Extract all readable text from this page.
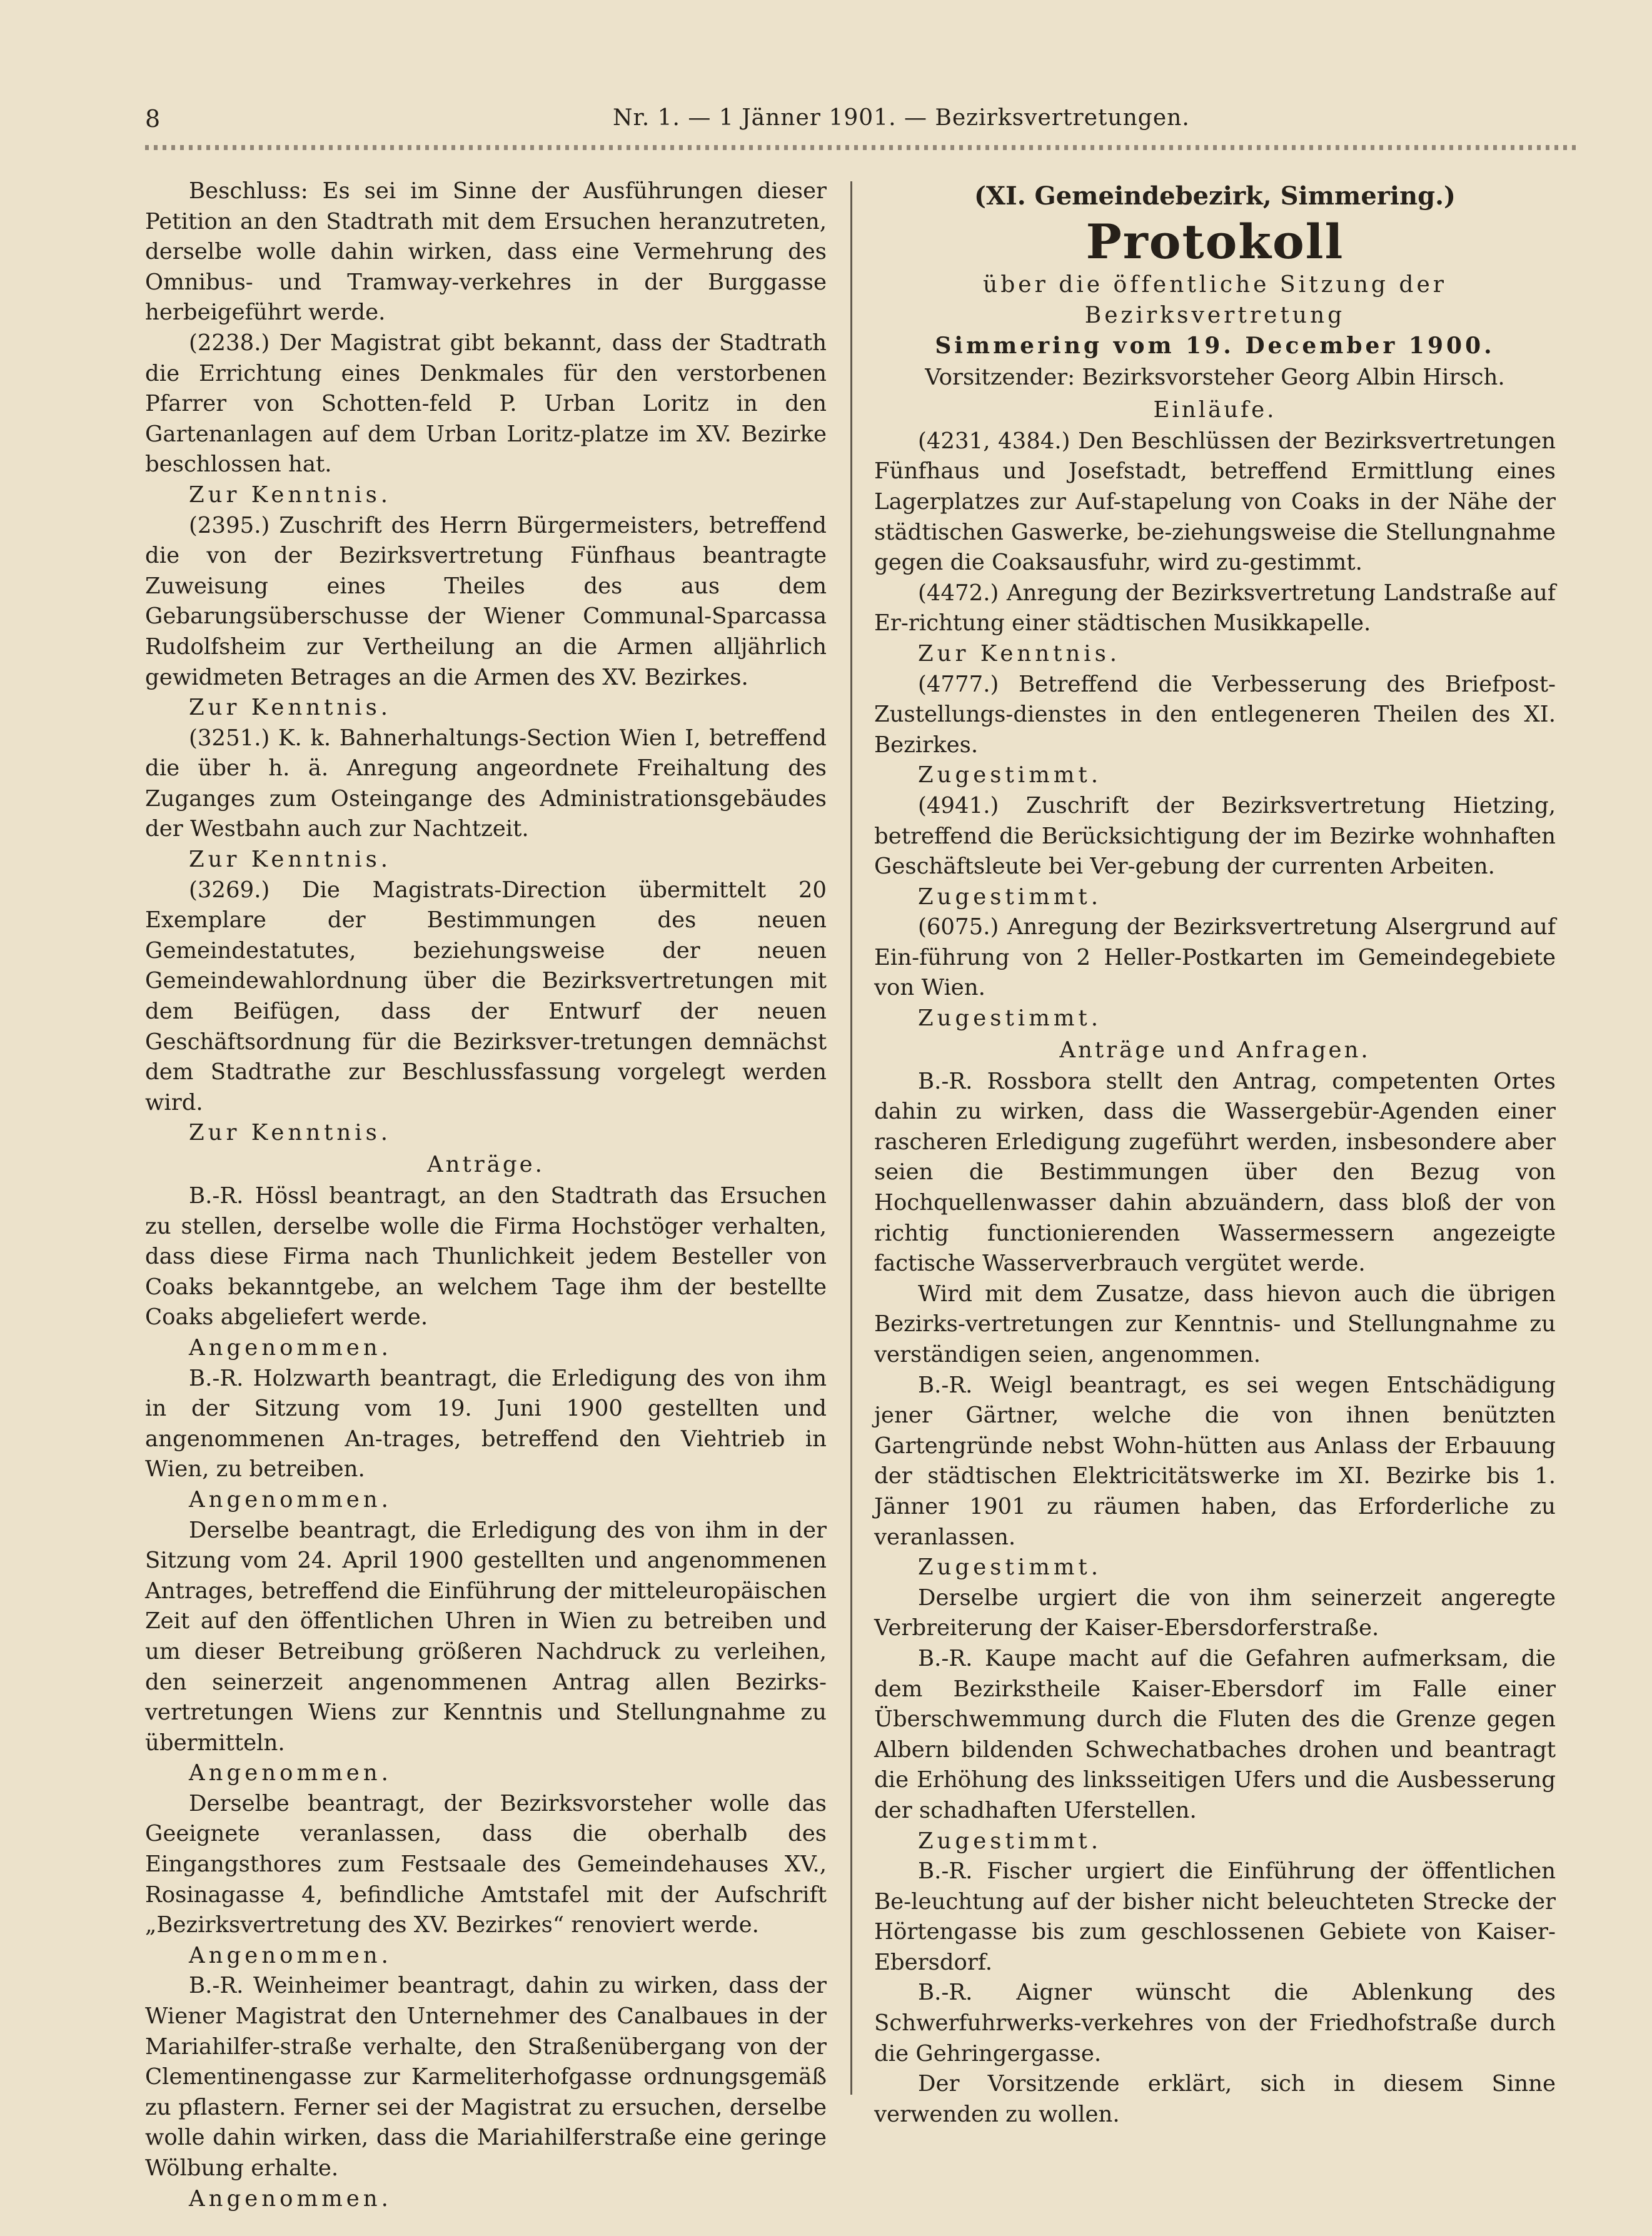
8	Nr. 1. — 1 Jänner 1901. — Bezirksvertretungen.

Beschluss: Es sei im Sinne der Ausführungen dieser Petition an den Stadtrath mit dem Ersuchen heranzutreten, derselbe wolle dahin wirken, dass eine Vermehrung des Omnibus- und Tramway-verkehres in der Burggasse herbeigeführt werde.

(2238.) Der Magistrat gibt bekannt, dass der Stadtrath die Errichtung eines Denkmales für den verstorbenen Pfarrer von Schotten-feld P. Urban Loritz in den Gartenanlagen auf dem Urban Loritz-platze im XV. Bezirke beschlossen hat.

Zur Kenntnis.

(2395.) Zuschrift des Herrn Bürgermeisters, betreffend die von der Bezirksvertretung Fünfhaus beantragte Zuweisung eines Theiles des aus dem Gebarungsüberschusse der Wiener Communal-Sparcassa Rudolfsheim zur Vertheilung an die Armen alljährlich gewidmeten Betrages an die Armen des XV. Bezirkes.

Zur Kenntnis.

(3251.) K. k. Bahnerhaltungs-Section Wien I, betreffend die über h. ä. Anregung angeordnete Freihaltung des Zuganges zum Osteingange des Administrationsgebäudes der Westbahn auch zur Nachtzeit.

Zur Kenntnis.

(3269.) Die Magistrats-Direction übermittelt 20 Exemplare der Bestimmungen des neuen Gemeindestatutes, beziehungsweise der neuen Gemeindewahlordnung über die Bezirksvertretungen mit dem Beifügen, dass der Entwurf der neuen Geschäftsordnung für die Bezirksver-tretungen demnächst dem Stadtrathe zur Beschlussfassung vorgelegt werden wird.

Zur Kenntnis.

Anträge.

B.-R. Hössl beantragt, an den Stadtrath das Ersuchen zu stellen, derselbe wolle die Firma Hochstöger verhalten, dass diese Firma nach Thunlichkeit jedem Besteller von Coaks bekanntgebe, an welchem Tage ihm der bestellte Coaks abgeliefert werde.

Angenommen.

B.-R. Holzwarth beantragt, die Erledigung des von ihm in der Sitzung vom 19. Juni 1900 gestellten und angenommenen An-trages, betreffend den Viehtrieb in Wien, zu betreiben.

Angenommen.

Derselbe beantragt, die Erledigung des von ihm in der Sitzung vom 24. April 1900 gestellten und angenommenen Antrages, betreffend die Einführung der mitteleuropäischen Zeit auf den öffentlichen Uhren in Wien zu betreiben und um dieser Betreibung größeren Nachdruck zu verleihen, den seinerzeit angenommenen Antrag allen Bezirks-vertretungen Wiens zur Kenntnis und Stellungnahme zu übermitteln.

Angenommen.

Derselbe beantragt, der Bezirksvorsteher wolle das Geeignete veranlassen, dass die oberhalb des Eingangsthores zum Festsaale des Gemeindehauses XV., Rosinagasse 4, befindliche Amtstafel mit der Aufschrift „Bezirksvertretung des XV. Bezirkes“ renoviert werde.

Angenommen.

B.-R. Weinheimer beantragt, dahin zu wirken, dass der Wiener Magistrat den Unternehmer des Canalbaues in der Mariahilfer-straße verhalte, den Straßenübergang von der Clementinengasse zur Karmeliterhofgasse ordnungsgemäß zu pflastern. Ferner sei der Magistrat zu ersuchen, derselbe wolle dahin wirken, dass die Mariahilferstraße eine geringe Wölbung erhalte.

Angenommen.

(XI. Gemeindebezirk, Simmering.)

Protokoll

über die öffentliche Sitzung der Bezirksvertretung

Simmering vom 19. December 1900.

Vorsitzender: Bezirksvorsteher Georg Albin Hirsch.

Einläufe.

(4231, 4384.) Den Beschlüssen der Bezirksvertretungen Fünfhaus und Josefstadt, betreffend Ermittlung eines Lagerplatzes zur Auf-stapelung von Coaks in der Nähe der städtischen Gaswerke, be-ziehungsweise die Stellungnahme gegen die Coaksausfuhr, wird zu-gestimmt.

(4472.) Anregung der Bezirksvertretung Landstraße auf Er-richtung einer städtischen Musikkapelle.

Zur Kenntnis.

(4777.) Betreffend die Verbesserung des Briefpost-Zustellungs-dienstes in den entlegeneren Theilen des XI. Bezirkes.

Zugestimmt.

(4941.) Zuschrift der Bezirksvertretung Hietzing, betreffend die Berücksichtigung der im Bezirke wohnhaften Geschäftsleute bei Ver-gebung der currenten Arbeiten.

Zugestimmt.

(6075.) Anregung der Bezirksvertretung Alsergrund auf Ein-führung von 2 Heller-Postkarten im Gemeindegebiete von Wien.

Zugestimmt.

Anträge und Anfragen.

B.-R. Rossbora stellt den Antrag, competenten Ortes dahin zu wirken, dass die Wassergebür-Agenden einer rascheren Erledigung zugeführt werden, insbesondere aber seien die Bestimmungen über den Bezug von Hochquellenwasser dahin abzuändern, dass bloß der von richtig functionierenden Wassermessern angezeigte factische Wasserverbrauch vergütet werde.

Wird mit dem Zusatze, dass hievon auch die übrigen Bezirks-vertretungen zur Kenntnis- und Stellungnahme zu verständigen seien, angenommen.

B.-R. Weigl beantragt, es sei wegen Entschädigung jener Gärtner, welche die von ihnen benützten Gartengründe nebst Wohn-hütten aus Anlass der Erbauung der städtischen Elektricitätswerke im XI. Bezirke bis 1. Jänner 1901 zu räumen haben, das Erforderliche zu veranlassen.

Zugestimmt.

Derselbe urgiert die von ihm seinerzeit angeregte Verbreiterung der Kaiser-Ebersdorferstraße.

B.-R. Kaupe macht auf die Gefahren aufmerksam, die dem Bezirkstheile Kaiser-Ebersdorf im Falle einer Überschwemmung durch die Fluten des die Grenze gegen Albern bildenden Schwechatbaches drohen und beantragt die Erhöhung des linksseitigen Ufers und die Ausbesserung der schadhaften Uferstellen.

Zugestimmt.

B.-R. Fischer urgiert die Einführung der öffentlichen Be-leuchtung auf der bisher nicht beleuchteten Strecke der Hörtengasse bis zum geschlossenen Gebiete von Kaiser-Ebersdorf.

B.-R. Aigner wünscht die Ablenkung des Schwerfuhrwerks-verkehres von der Friedhofstraße durch die Gehringergasse.

Der Vorsitzende erklärt, sich in diesem Sinne verwenden zu wollen.
